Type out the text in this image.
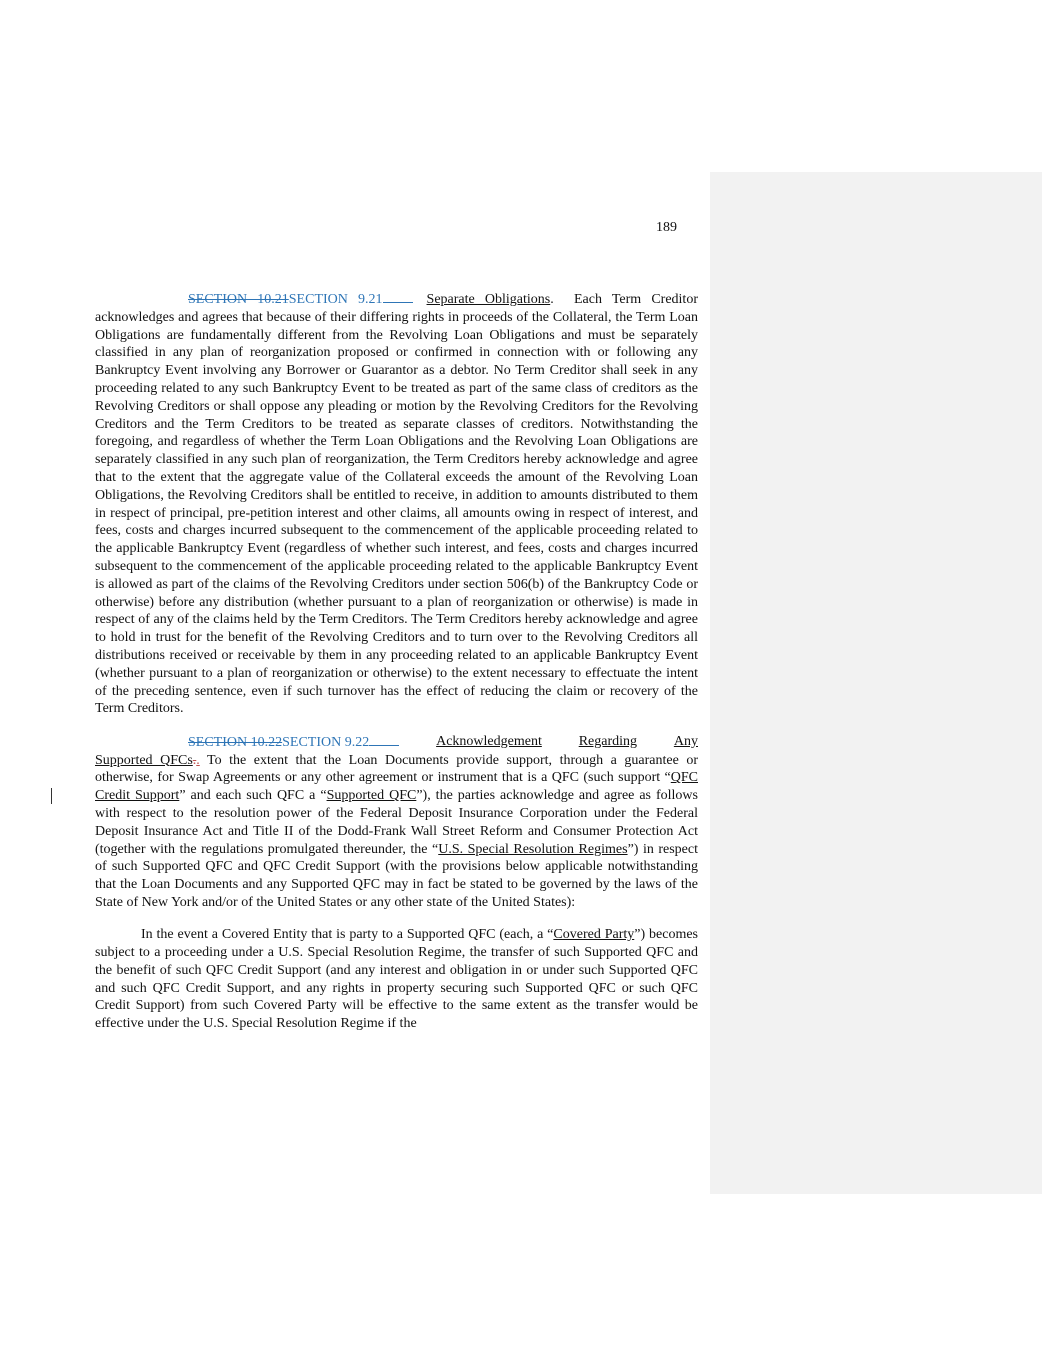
189

SECTION 10.21SECTION 9.21 	Separate Obligations. Each Term Creditor acknowledges and agrees that because of their differing rights in proceeds of the Collateral, the Term Loan Obligations are fundamentally different from the Revolving Loan Obligations and must be separately classified in any plan of reorganization proposed or confirmed in connection with or following any Bankruptcy Event involving any Borrower or Guarantor as a debtor. No Term Creditor shall seek in any proceeding related to any such Bankruptcy Event to be treated as part of the same class of creditors as the Revolving Creditors or shall oppose any pleading or motion by the Revolving Creditors for the Revolving Creditors and the Term Creditors to be treated as separate classes of creditors. Notwithstanding the foregoing, and regardless of whether the Term Loan Obligations and the Revolving Loan Obligations are separately classified in any such plan of reorganization, the Term Creditors hereby acknowledge and agree that to the extent that the aggregate value of the Collateral exceeds the amount of the Revolving Loan Obligations, the Revolving Creditors shall be entitled to receive, in addition to amounts distributed to them in respect of principal, pre-petition interest and other claims, all amounts owing in respect of interest, and fees, costs and charges incurred subsequent to the commencement of the applicable proceeding related to the applicable Bankruptcy Event (regardless of whether such interest, and fees, costs and charges incurred subsequent to the commencement of the applicable proceeding related to the applicable Bankruptcy Event is allowed as part of the claims of the Revolving Creditors under section 506(b) of the Bankruptcy Code or otherwise) before any distribution (whether pursuant to a plan of reorganization or otherwise) is made in respect of any of the claims held by the Term Creditors. The Term Creditors hereby acknowledge and agree to hold in trust for the benefit of the Revolving Creditors and to turn over to the Revolving Creditors all distributions received or receivable by them in any proceeding related to an applicable Bankruptcy Event (whether pursuant to a plan of reorganization or otherwise) to the extent necessary to effectuate the intent of the preceding sentence, even if such turnover has the effect of reducing the claim or recovery of the Term Creditors.

SECTION 10.22SECTION 9.22	Acknowledgement	Regarding	Any
Supported QFCs.. To the extent that the Loan Documents provide support, through a guarantee or otherwise, for Swap Agreements or any other agreement or instrument that is a QFC (such support “QFC Credit Support” and each such QFC a “Supported QFC”), the parties acknowledge and agree as follows with respect to the resolution power of the Federal Deposit Insurance Corporation under the Federal Deposit Insurance Act and Title II of the Dodd-Frank Wall Street Reform and Consumer Protection Act (together with the regulations promulgated thereunder, the “U.S. Special Resolution Regimes”) in respect of such Supported QFC and QFC Credit Support (with the provisions below applicable notwithstanding that the Loan Documents and any Supported QFC may in fact be stated to be governed by the laws of the State of New York and/or of the United States or any other state of the United States):

In the event a Covered Entity that is party to a Supported QFC (each, a “Covered Party”) becomes subject to a proceeding under a U.S. Special Resolution Regime, the transfer of such Supported QFC and the benefit of such QFC Credit Support (and any interest and obligation in or under such Supported QFC and such QFC Credit Support, and any rights in property securing such Supported QFC or such QFC Credit Support) from such Covered Party will be effective to the same extent as the transfer would be effective under the U.S. Special Resolution Regime if the
